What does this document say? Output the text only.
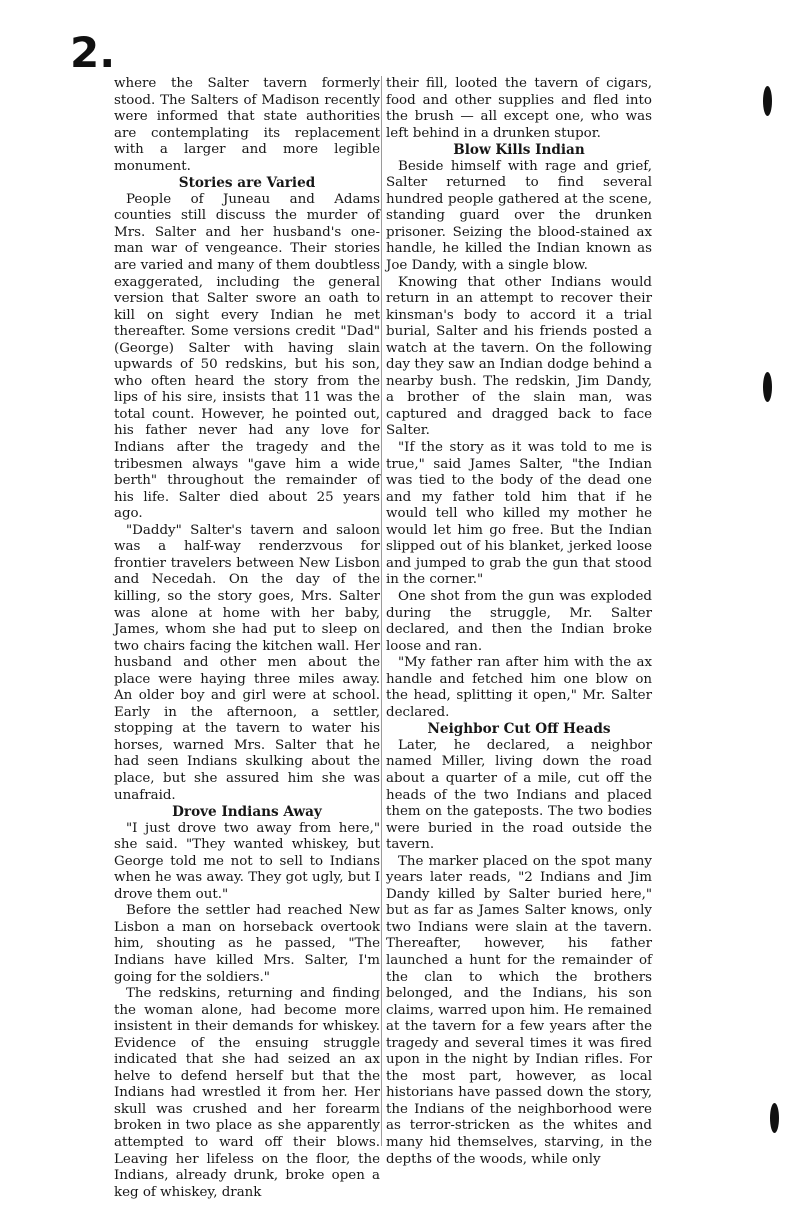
2.

where the Salter tavern formerly stood. The Salters of Madison recently were informed that state authorities are contemplating its replacement with a larger and more legible monument.

Stories are Varied

People of Juneau and Adams counties still discuss the murder of Mrs. Salter and her husband's one-man war of vengeance. Their stories are varied and many of them doubtless exaggerated, including the general version that Salter swore an oath to kill on sight every Indian he met thereafter. Some versions credit "Dad" (George) Salter with having slain upwards of 50 redskins, but his son, who often heard the story from the lips of his sire, insists that 11 was the total count. However, he pointed out, his father never had any love for Indians after the tragedy and the tribesmen always "gave him a wide berth" throughout the remainder of his life. Salter died about 25 years ago.

"Daddy" Salter's tavern and saloon was a half-way renderzvous for frontier travelers between New Lisbon and Necedah. On the day of the killing, so the story goes, Mrs. Salter was alone at home with her baby, James, whom she had put to sleep on two chairs facing the kitchen wall. Her husband and other men about the place were haying three miles away. An older boy and girl were at school. Early in the afternoon, a settler, stopping at the tavern to water his horses, warned Mrs. Salter that he had seen Indians skulking about the place, but she assured him she was unafraid.

Drove Indians Away

"I just drove two away from here," she said. "They wanted whiskey, but George told me not to sell to Indians when he was away. They got ugly, but I drove them out."

Before the settler had reached New Lisbon a man on horseback overtook him, shouting as he passed, "The Indians have killed Mrs. Salter, I'm going for the soldiers."

The redskins, returning and finding the woman alone, had become more insistent in their demands for whiskey. Evidence of the ensuing struggle indicated that she had seized an ax helve to defend herself but that the Indians had wrestled it from her. Her skull was crushed and her forearm broken in two place as she apparently attempted to ward off their blows. Leaving her lifeless on the floor, the Indians, already drunk, broke open a keg of whiskey, drank

their fill, looted the tavern of cigars, food and other supplies and fled into the brush — all except one, who was left behind in a drunken stupor.

Blow Kills Indian

Beside himself with rage and grief, Salter returned to find several hundred people gathered at the scene, standing guard over the drunken prisoner. Seizing the blood-stained ax handle, he killed the Indian known as Joe Dandy, with a single blow.

Knowing that other Indians would return in an attempt to recover their kinsman's body to accord it a trial burial, Salter and his friends posted a watch at the tavern. On the following day they saw an Indian dodge behind a nearby bush. The redskin, Jim Dandy, a brother of the slain man, was captured and dragged back to face Salter.

"If the story as it was told to me is true," said James Salter, "the Indian was tied to the body of the dead one and my father told him that if he would tell who killed my mother he would let him go free. But the Indian slipped out of his blanket, jerked loose and jumped to grab the gun that stood in the corner."

One shot from the gun was exploded during the struggle, Mr. Salter declared, and then the Indian broke loose and ran.

"My father ran after him with the ax handle and fetched him one blow on the head, splitting it open," Mr. Salter declared.

Neighbor Cut Off Heads

Later, he declared, a neighbor named Miller, living down the road about a quarter of a mile, cut off the heads of the two Indians and placed them on the gateposts. The two bodies were buried in the road outside the tavern.

The marker placed on the spot many years later reads, "2 Indians and Jim Dandy killed by Salter buried here," but as far as James Salter knows, only two Indians were slain at the tavern. Thereafter, however, his father launched a hunt for the remainder of the clan to which the brothers belonged, and the Indians, his son claims, warred upon him. He remained at the tavern for a few years after the tragedy and several times it was fired upon in the night by Indian rifles. For the most part, however, as local historians have passed down the story, the Indians of the neighborhood were as terror-stricken as the whites and many hid themselves, starving, in the depths of the woods, while only
